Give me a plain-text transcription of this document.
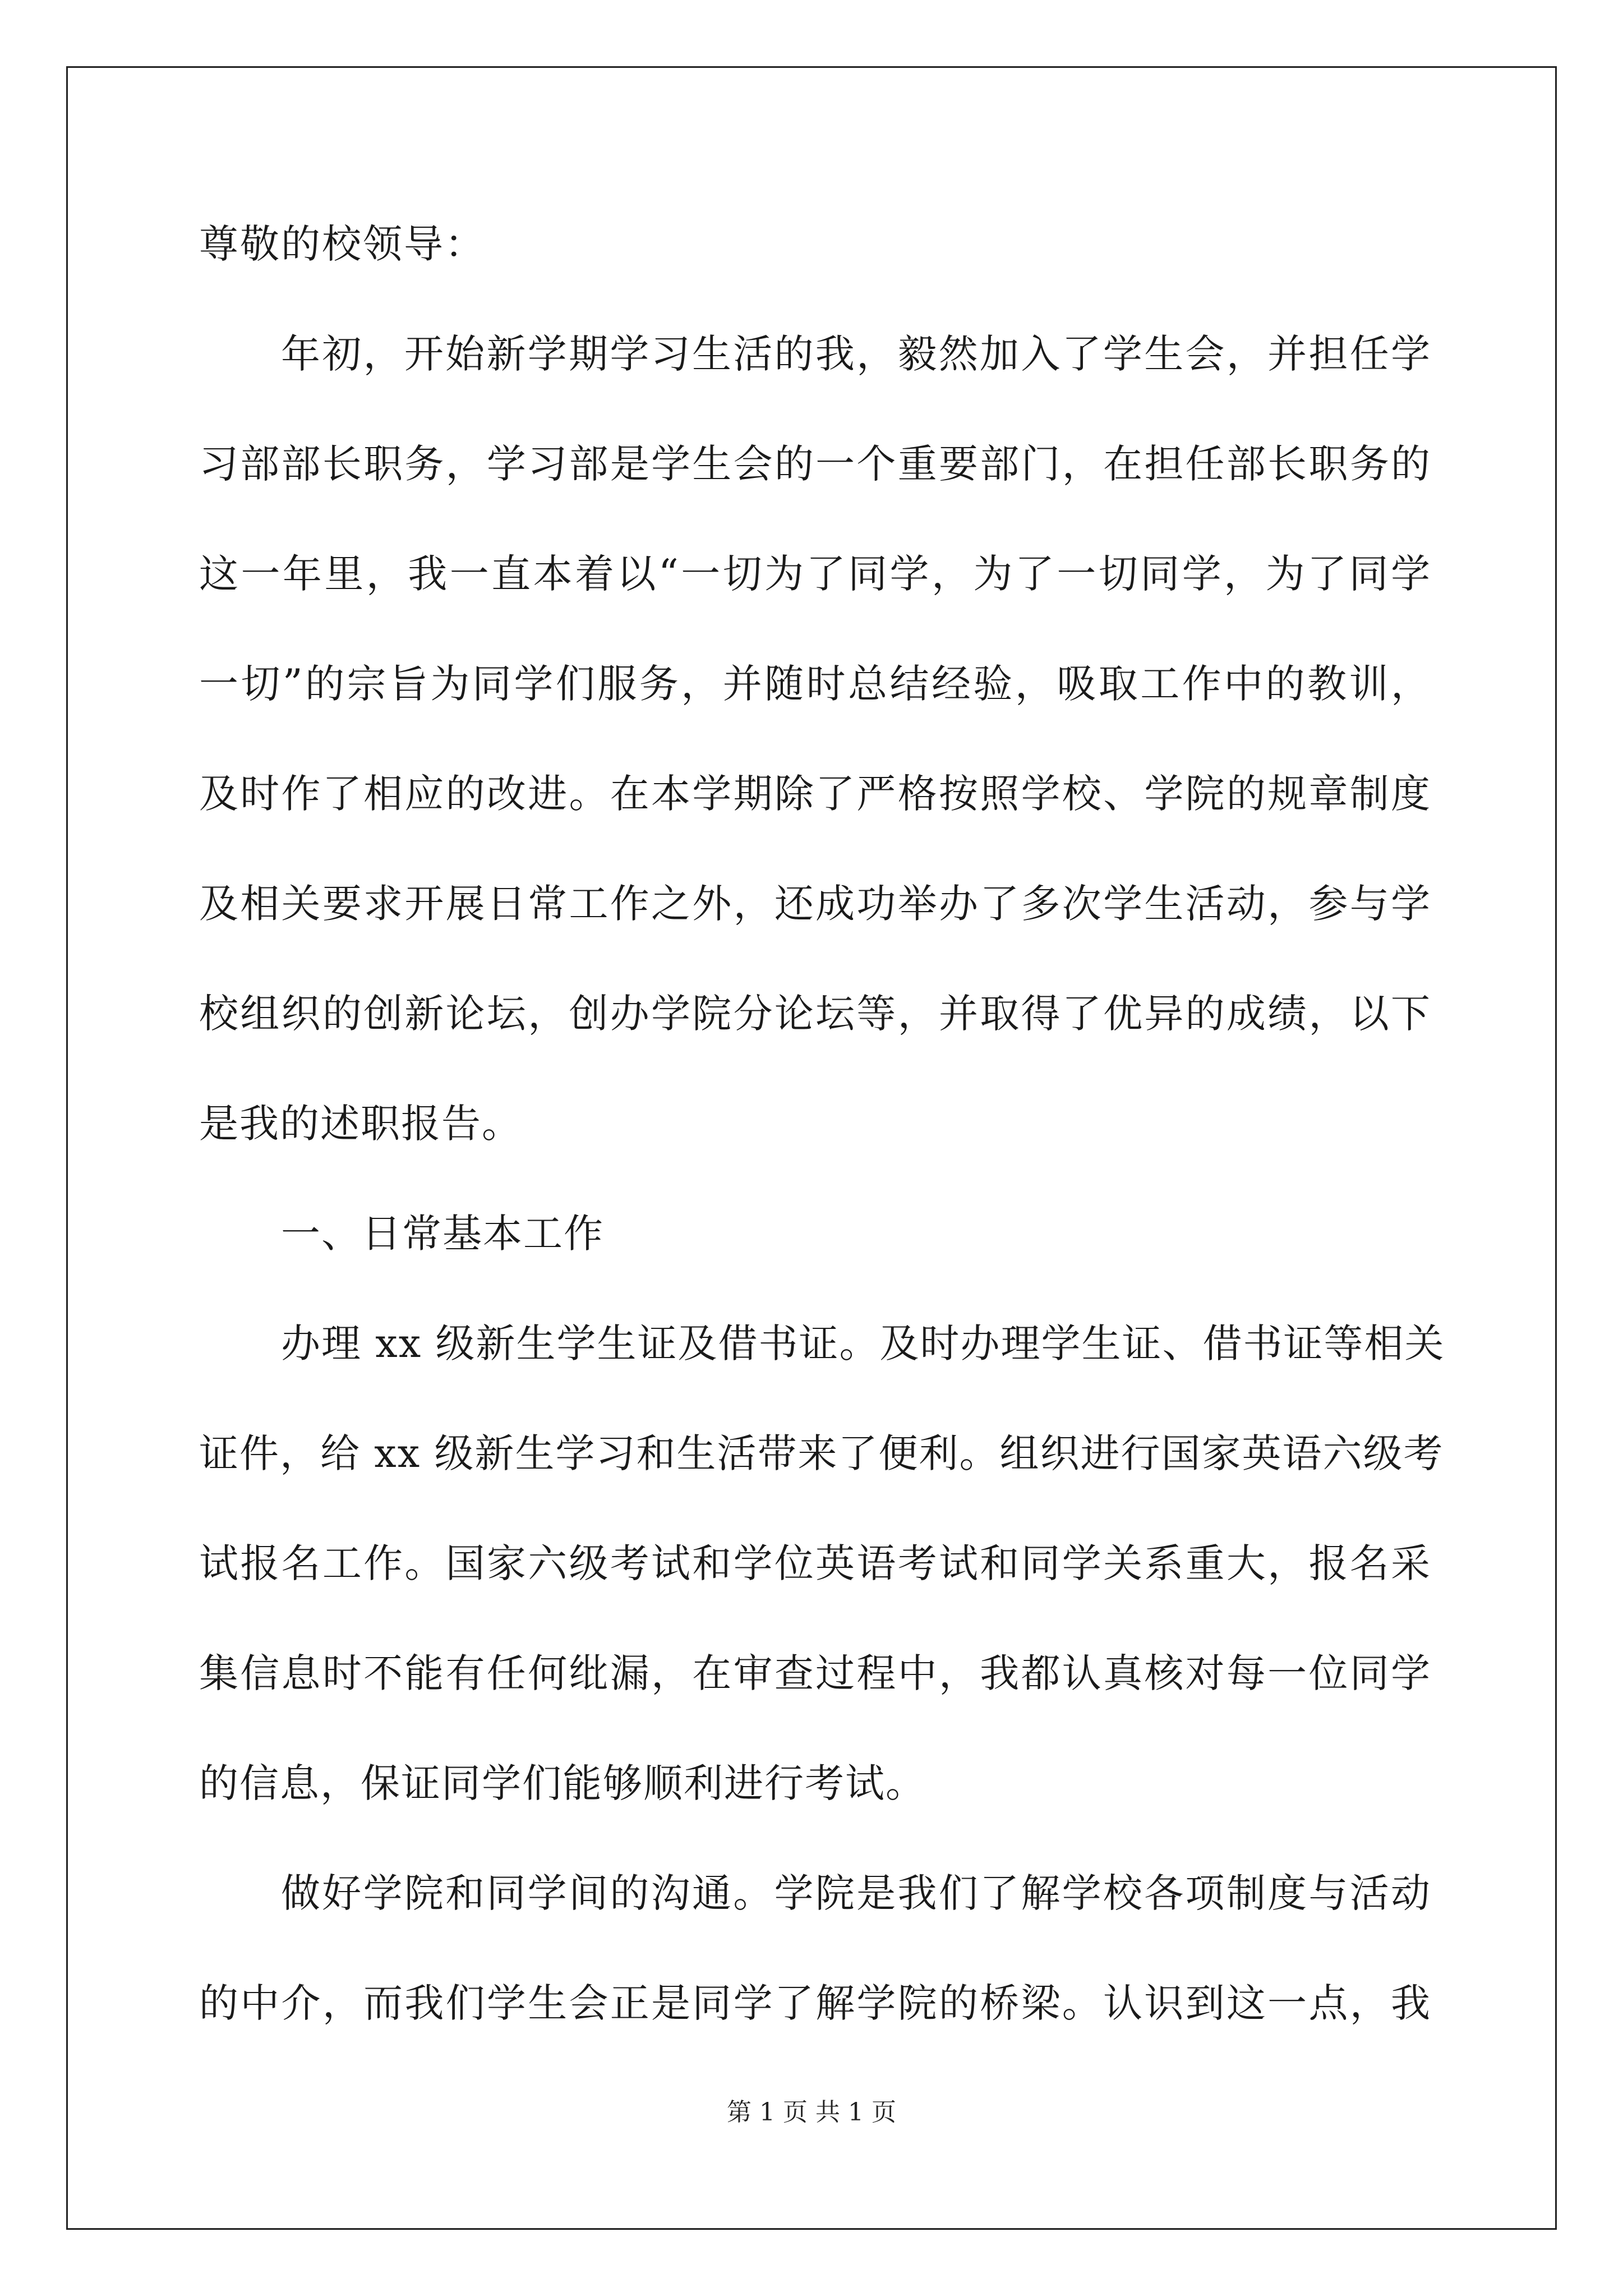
尊敬的校领导：
年初，开始新学期学习生活的我，毅然加入了学生会，并担任学
习部部长职务，学习部是学生会的一个重要部门，在担任部长职务的
这一年里，我一直本着以“一切为了同学，为了一切同学，为了同学
一切”的宗旨为同学们服务，并随时总结经验，吸取工作中的教训，
及时作了相应的改进。在本学期除了严格按照学校、学院的规章制度
及相关要求开展日常工作之外，还成功举办了多次学生活动，参与学
校组织的创新论坛，创办学院分论坛等，并取得了优异的成绩，以下
是我的述职报告。
一、日常基本工作
办理 xx 级新生学生证及借书证。及时办理学生证、借书证等相关
证件，给 xx 级新生学习和生活带来了便利。组织进行国家英语六级考
试报名工作。国家六级考试和学位英语考试和同学关系重大，报名采
集信息时不能有任何纰漏，在审查过程中，我都认真核对每一位同学
的信息，保证同学们能够顺利进行考试。
做好学院和同学间的沟通。学院是我们了解学校各项制度与活动
的中介，而我们学生会正是同学了解学院的桥梁。认识到这一点，我
第 1 页 共 1 页
